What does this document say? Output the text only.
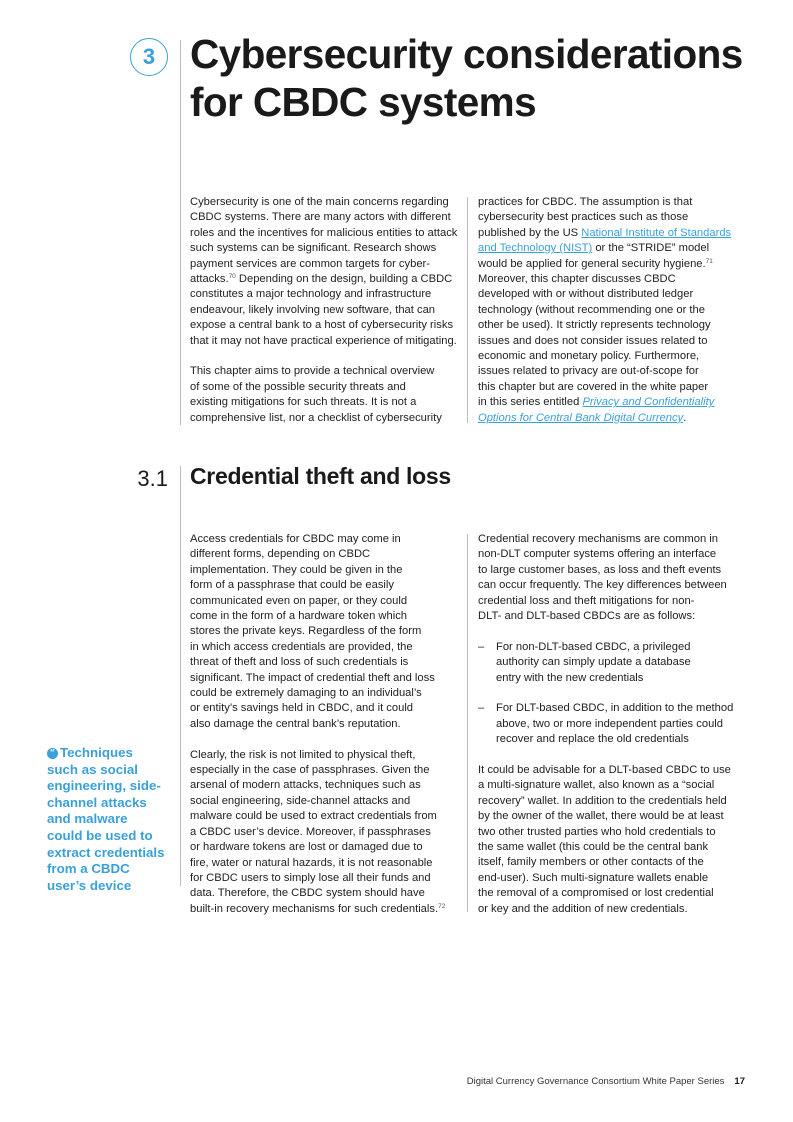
3 Cybersecurity considerations
for CBDC systems
Cybersecurity is one of the main concerns regarding
CBDC systems. There are many actors with different
roles and the incentives for malicious entities to attack
such systems can be significant. Research shows
payment services are common targets for cyber-
attacks.$^{70}$ Depending on the design, building a CBDC
constitutes a major technology and infrastructure
endeavour, likely involving new software, that can
expose a central bank to a host of cybersecurity risks
that it may not have practical experience of mitigating.
This chapter aims to provide a technical overview
of some of the possible security threats and
existing mitigations for such threats. It is not a
comprehensive list, nor a checklist of cybersecurity
practices for CBDC. The assumption is that
cybersecurity best practices such as those
published by the US National Institute of Standards
and Technology (NIST) or the “STRIDE” model
would be applied for general security hygiene.$^{71}$
Moreover, this chapter discusses CBDC
developed with or without distributed ledger
technology (without recommending one or the
other be used). It strictly represents technology
issues and does not consider issues related to
economic and monetary policy. Furthermore,
issues related to privacy are out-of-scope for
this chapter but are covered in the white paper
in this series entitled Privacy and Confidentiality
Options for Central Bank Digital Currency.
3.1 Credential theft and loss
Access credentials for CBDC may come in
different forms, depending on CBDC
implementation. They could be given in the
form of a passphrase that could be easily
communicated even on paper, or they could
come in the form of a hardware token which
stores the private keys. Regardless of the form
in which access credentials are provided, the
threat of theft and loss of such credentials is
significant. The impact of credential theft and loss
could be extremely damaging to an individual’s
or entity’s savings held in CBDC, and it could
also damage the central bank’s reputation.
Clearly, the risk is not limited to physical theft,
especially in the case of passphrases. Given the
arsenal of modern attacks, techniques such as
social engineering, side-channel attacks and
malware could be used to extract credentials from
a CBDC user’s device. Moreover, if passphrases
or hardware tokens are lost or damaged due to
fire, water or natural hazards, it is not reasonable
for CBDC users to simply lose all their funds and
data. Therefore, the CBDC system should have
built-in recovery mechanisms for such credentials.$^{72}$
Credential recovery mechanisms are common in
non-DLT computer systems offering an interface
to large customer bases, as loss and theft events
can occur frequently. The key differences between
credential loss and theft mitigations for non-
DLT- and DLT-based CBDCs are as follows:
– For non-DLT-based CBDC, a privileged
authority can simply update a database
entry with the new credentials
– For DLT-based CBDC, in addition to the method
above, two or more independent parties could
recover and replace the old credentials
It could be advisable for a DLT-based CBDC to use
a multi-signature wallet, also known as a “social
recovery” wallet. In addition to the credentials held
by the owner of the wallet, there would be at least
two other trusted parties who hold credentials to
the same wallet (this could be the central bank
itself, family members or other contacts of the
end-user). Such multi-signature wallets enable
the removal of a compromised or lost credential
or key and the addition of new credentials.
“ Techniques
such as social
engineering, side-
channel attacks
and malware
could be used to
extract credentials
from a CBDC
user’s device
Digital Currency Governance Consortium White Paper Series 17
